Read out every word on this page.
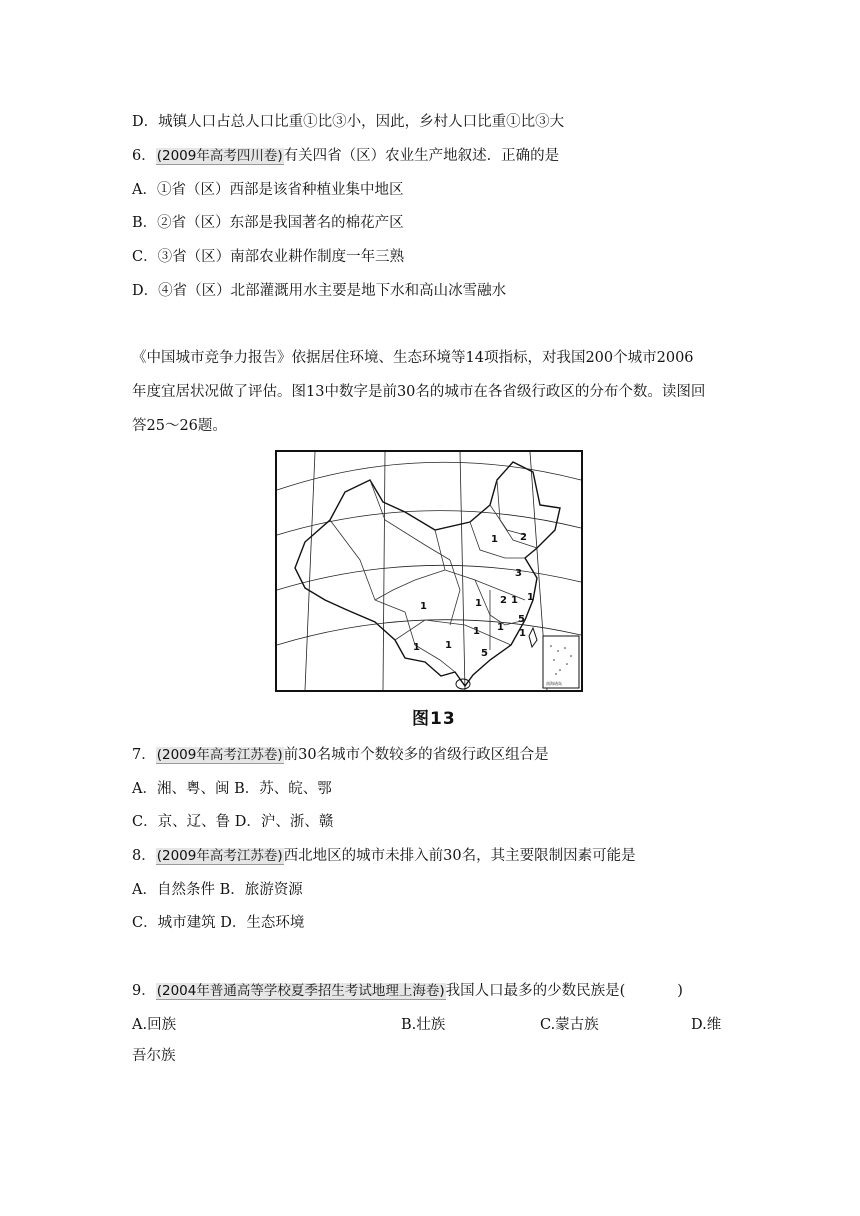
D．城镇人口占总人口比重①比③小，因此，乡村人口比重①比③大
6．(2009年高考四川卷)有关四省（区）农业生产地叙述．正确的是
A．①省（区）西部是该省种植业集中地区
B．②省（区）东部是我国著名的棉花产区
C．③省（区）南部农业耕作制度一年三熟
D．④省（区）北部灌溉用水主要是地下水和高山冰雪融水
《中国城市竞争力报告》依据居住环境、生态环境等14项指标，对我国200个城市2006
年度宜居状况做了评估。图13中数字是前30名的城市在各省级行政区的分布个数。读图回
答25～26题。
2
3
1
2 1 1
1	1
1
5
1
1
1
5
1
南海诸岛
图13
7．(2009年高考江苏卷)前30名城市个数较多的省级行政区组合是
A．湘、粤、闽 B．苏、皖、鄂
C．京、辽、鲁 D．沪、浙、赣
8．(2009年高考江苏卷)西北地区的城市未排入前30名，其主要限制因素可能是
A．自然条件 B．旅游资源
C．城市建筑 D．生态环境
9．(2004年普通高等学校夏季招生考试地理上海卷)我国人口最多的少数民族是(	)
A.回族	B.壮族	C.蒙古族	D.维
吾尔族
